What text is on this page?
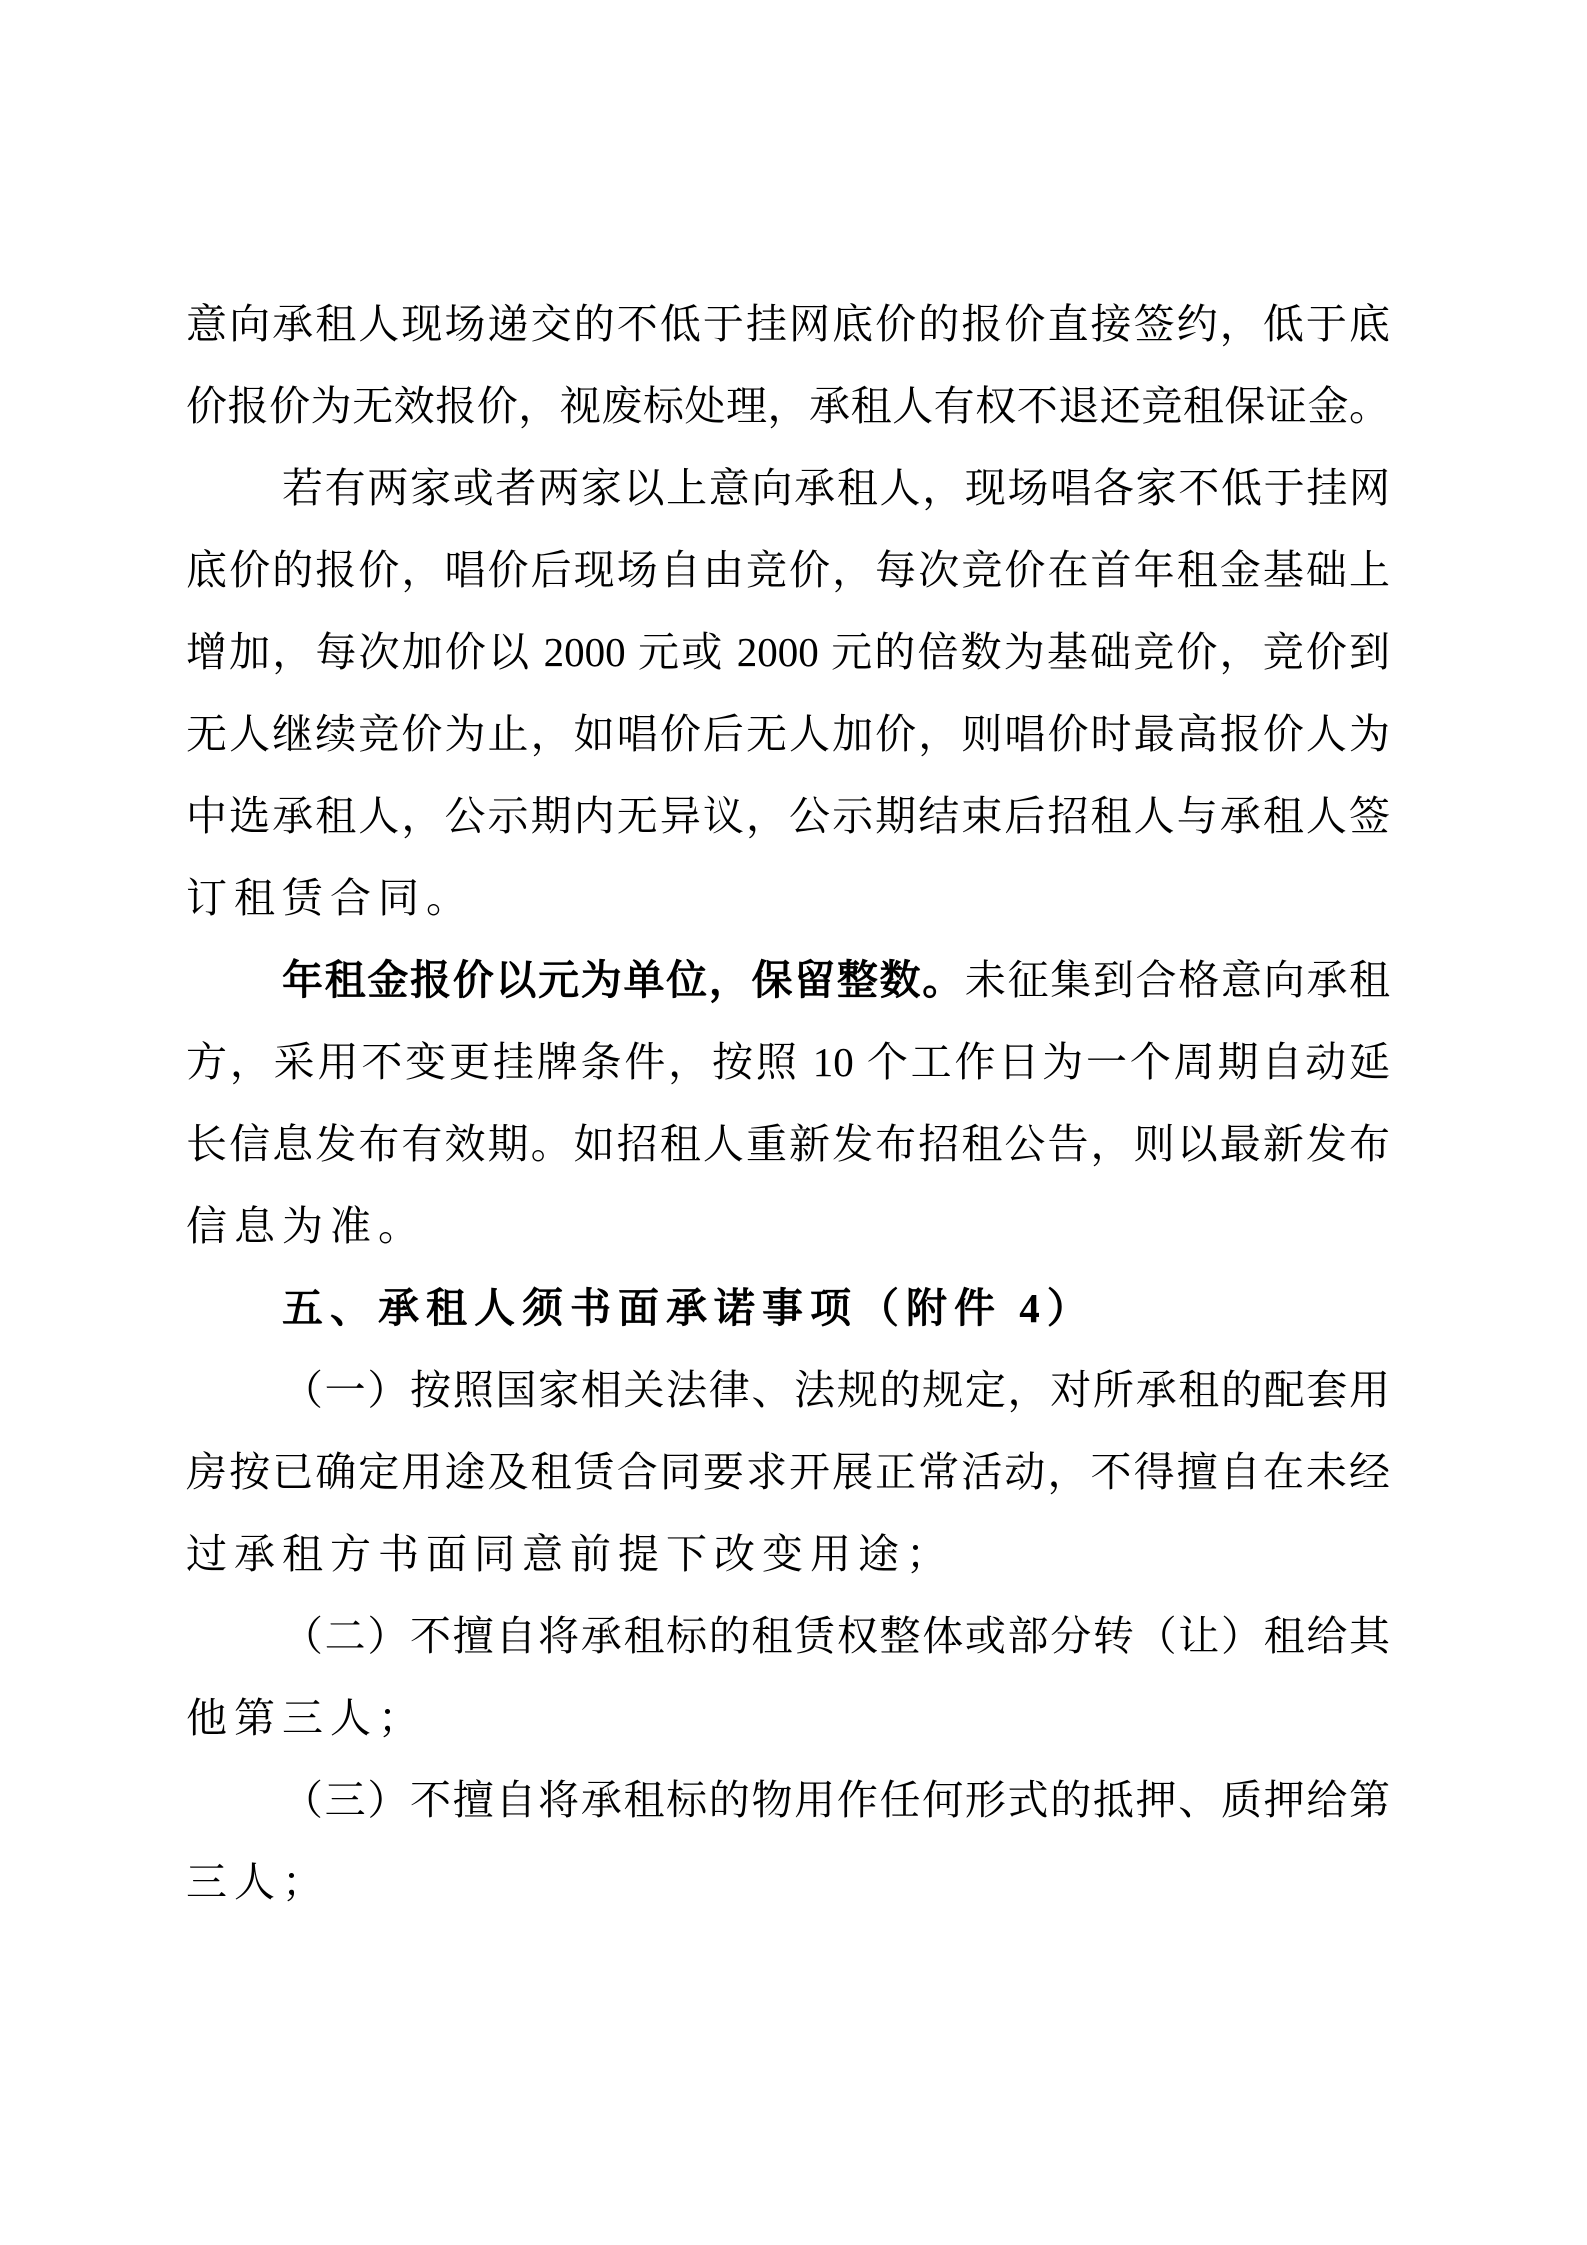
意向承租人现场递交的不低于挂网底价的报价直接签约，低于底
价报价为无效报价，视废标处理，承租人有权不退还竞租保证金。
若有两家或者两家以上意向承租人，现场唱各家不低于挂网
底价的报价，唱价后现场自由竞价，每次竞价在首年租金基础上
增加，每次加价以 2000 元或 2000 元的倍数为基础竞价，竞价到
无人继续竞价为止，如唱价后无人加价，则唱价时最高报价人为
中选承租人，公示期内无异议，公示期结束后招租人与承租人签
订租赁合同。
年租金报价以元为单位，保留整数。未征集到合格意向承租
方，采用不变更挂牌条件，按照 10 个工作日为一个周期自动延
长信息发布有效期。如招租人重新发布招租公告，则以最新发布
信息为准。
五、承租人须书面承诺事项（附件 4）
（一）按照国家相关法律、法规的规定，对所承租的配套用
房按已确定用途及租赁合同要求开展正常活动，不得擅自在未经
过承租方书面同意前提下改变用途；
（二）不擅自将承租标的租赁权整体或部分转（让）租给其
他第三人；
（三）不擅自将承租标的物用作任何形式的抵押、质押给第
三人；
